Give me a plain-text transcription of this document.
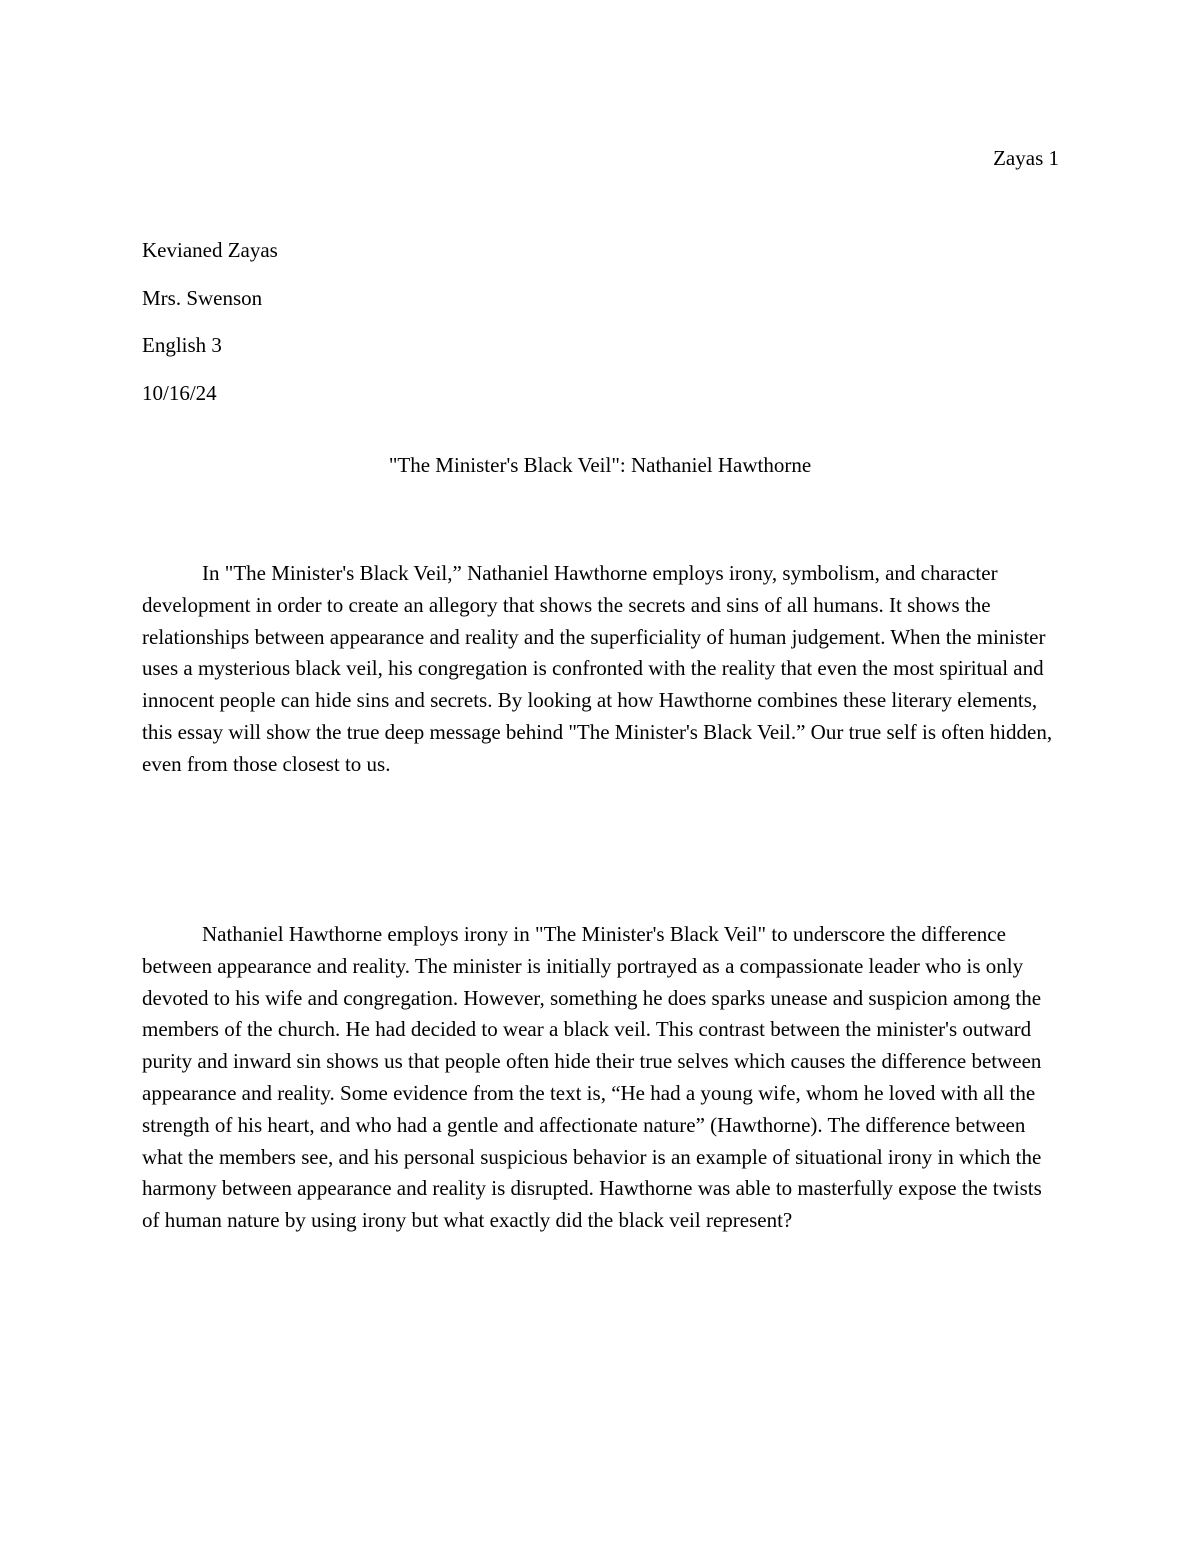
Zayas 1
Kevianed Zayas
Mrs. Swenson
English 3
10/16/24
"The Minister's Black Veil": Nathaniel Hawthorne

In "The Minister's Black Veil,” Nathaniel Hawthorne employs irony, symbolism, and character development in order to create an allegory that shows the secrets and sins of all humans. It shows the relationships between appearance and reality and the superficiality of human judgement. When the minister uses a mysterious black veil, his congregation is confronted with the reality that even the most spiritual and innocent people can hide sins and secrets. By looking at how Hawthorne combines these literary elements, this essay will show the true deep message behind "The Minister's Black Veil.” Our true self is often hidden, even from those closest to us.

Nathaniel Hawthorne employs irony in "The Minister's Black Veil" to underscore the difference between appearance and reality. The minister is initially portrayed as a compassionate leader who is only devoted to his wife and congregation. However, something he does sparks unease and suspicion among the members of the church. He had decided to wear a black veil. This contrast between the minister's outward purity and inward sin shows us that people often hide their true selves which causes the difference between appearance and reality. Some evidence from the text is, “He had a young wife, whom he loved with all the strength of his heart, and who had a gentle and affectionate nature” (Hawthorne). The difference between what the members see, and his personal suspicious behavior is an example of situational irony in which the harmony between appearance and reality is disrupted. Hawthorne was able to masterfully expose the twists of human nature by using irony but what exactly did the black veil represent?
